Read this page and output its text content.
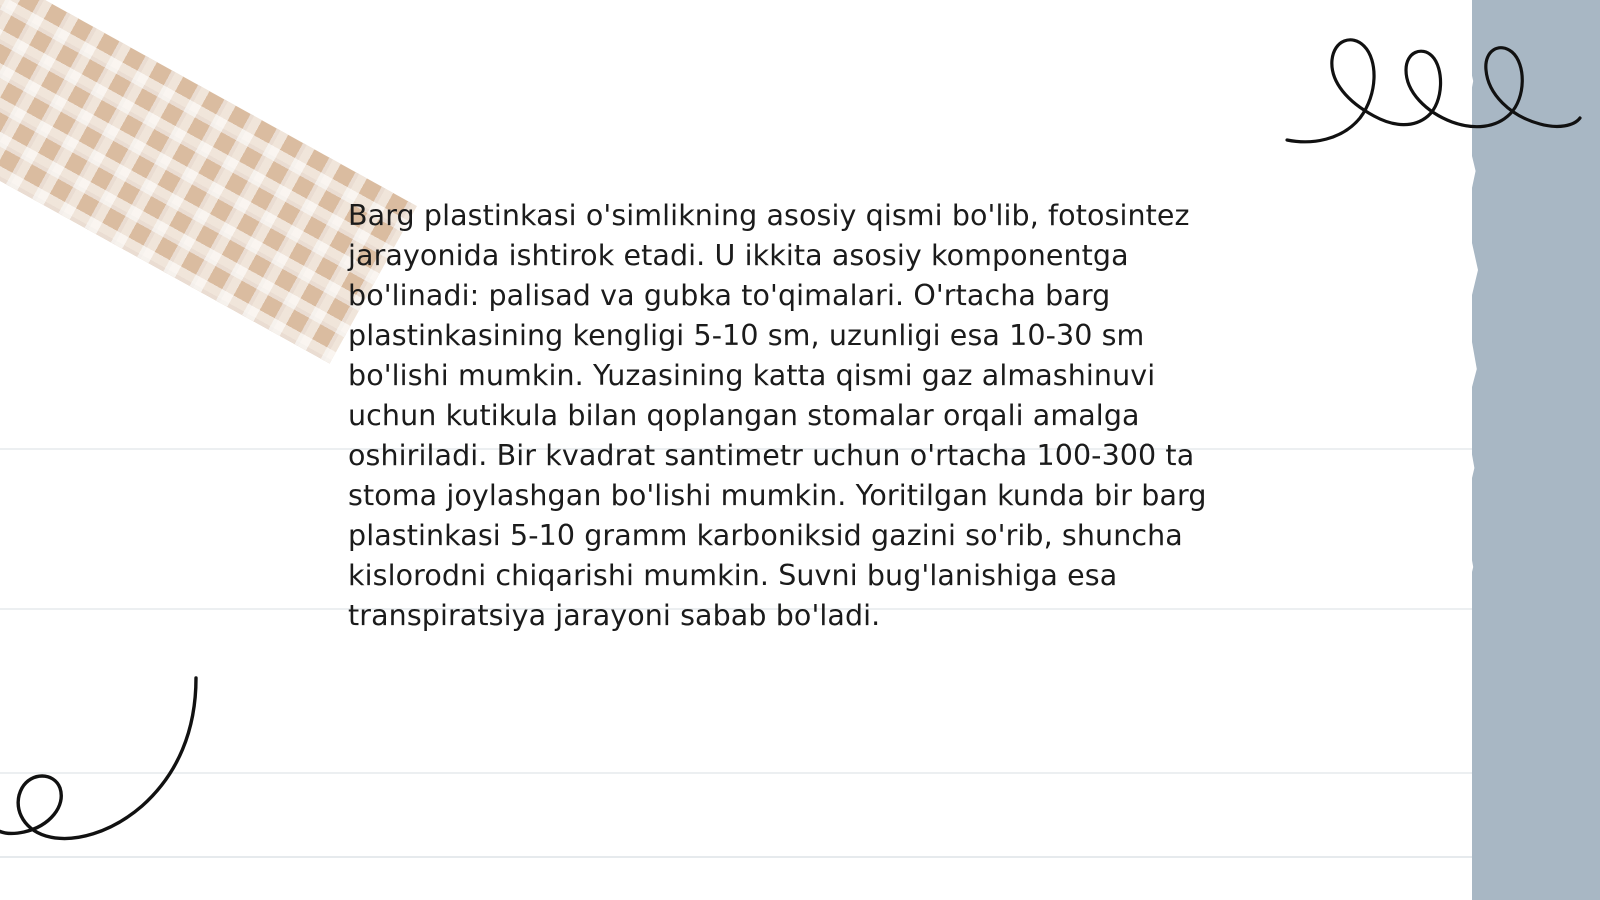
Barg plastinkasi o'simlikning asosiy qismi bo'lib, fotosintez jarayonida ishtirok etadi. U ikkita asosiy komponentga bo'linadi: palisad va gubka to'qimalari. O'rtacha barg plastinkasining kengligi 5-10 sm, uzunligi esa 10-30 sm bo'lishi mumkin. Yuzasining katta qismi gaz almashinuvi uchun kutikula bilan qoplangan stomalar orqali amalga oshiriladi. Bir kvadrat santimetr uchun o'rtacha 100-300 ta stoma joylashgan bo'lishi mumkin. Yoritilgan kunda bir barg plastinkasi 5-10 gramm karboniksid gazini so'rib, shuncha kislorodni chiqarishi mumkin. Suvni bug'lanishiga esa transpiratsiya jarayoni sabab bo'ladi.
